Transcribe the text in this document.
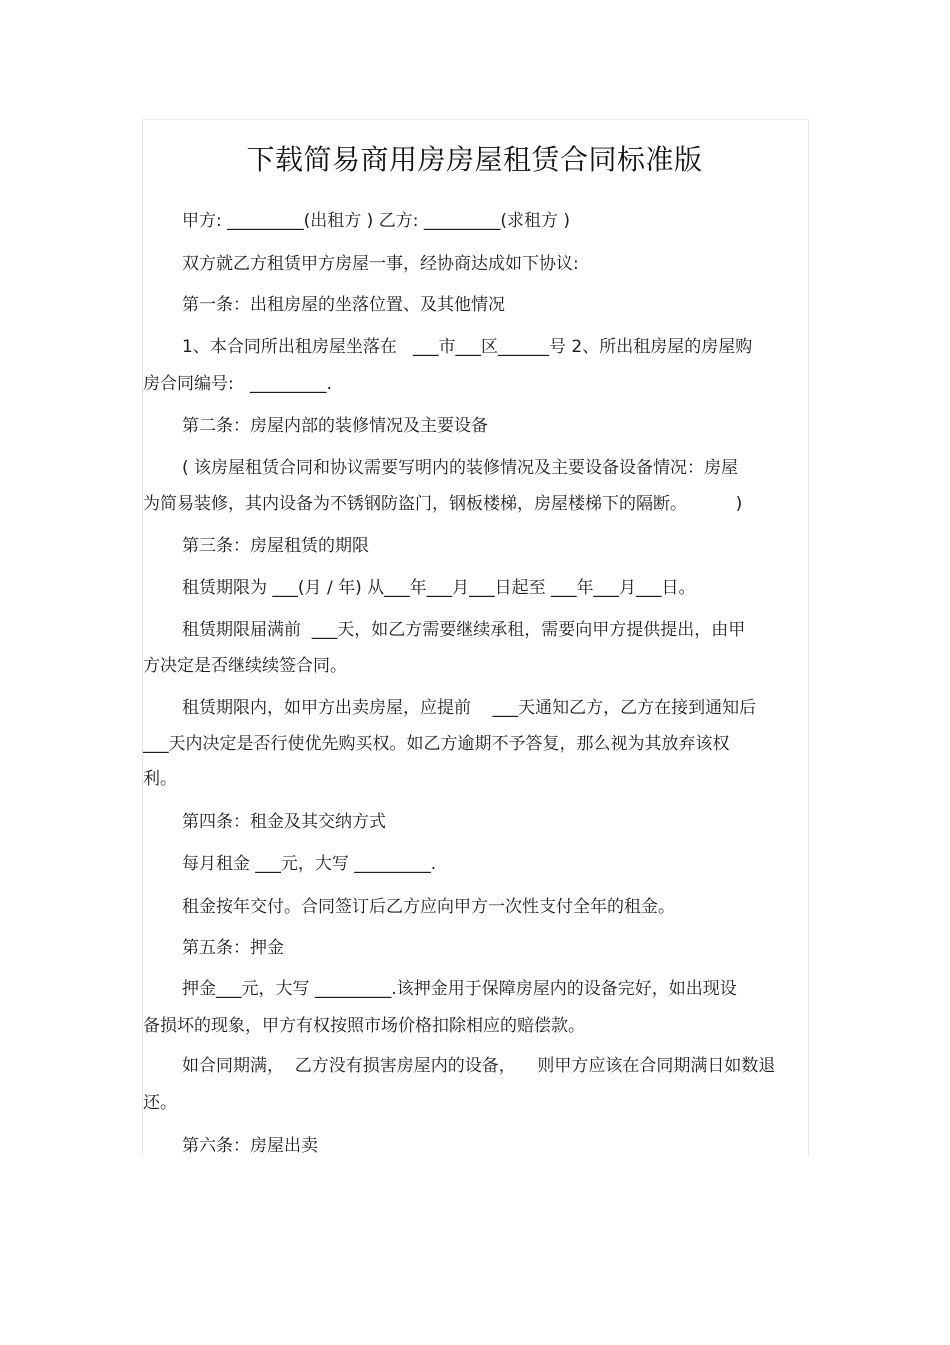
下载简易商用房房屋租赁合同标准版
甲方: _________(出租方 ) 乙方: _________(求租方 )
双方就乙方租赁甲方房屋一事，经协商达成如下协议:
第一条：出租房屋的坐落位置、及其他情况
1、本合同所出租房屋坐落在   ___市___区______号 2、所出租房屋的房屋购
房合同编号:   _________.
第二条：房屋内部的装修情况及主要设备
( 该房屋租赁合同和协议需要写明内的装修情况及主要设备设备情况：房屋
为简易装修，其内设备为不锈钢防盗门，钢板楼梯，房屋楼梯下的隔断。         )
第三条：房屋租赁的期限
租赁期限为 ___(月 / 年) 从___年___月___日起至 ___年___月___日。
租赁期限届满前  ___天，如乙方需要继续承租，需要向甲方提供提出，由甲
方决定是否继续续签合同。
租赁期限内，如甲方出卖房屋，应提前    ___天通知乙方，乙方在接到通知后
___天内决定是否行使优先购买权。如乙方逾期不予答复，那么视为其放弃该权
利。
第四条：租金及其交纳方式
每月租金 ___元，大写 _________.
租金按年交付。合同签订后乙方应向甲方一次性支付全年的租金。
第五条：押金
押金___元，大写 _________.该押金用于保障房屋内的设备完好，如出现设
备损坏的现象，甲方有权按照市场价格扣除相应的赔偿款。
如合同期满，  乙方没有损害房屋内的设备，    则甲方应该在合同期满日如数退
还。
第六条：房屋出卖
